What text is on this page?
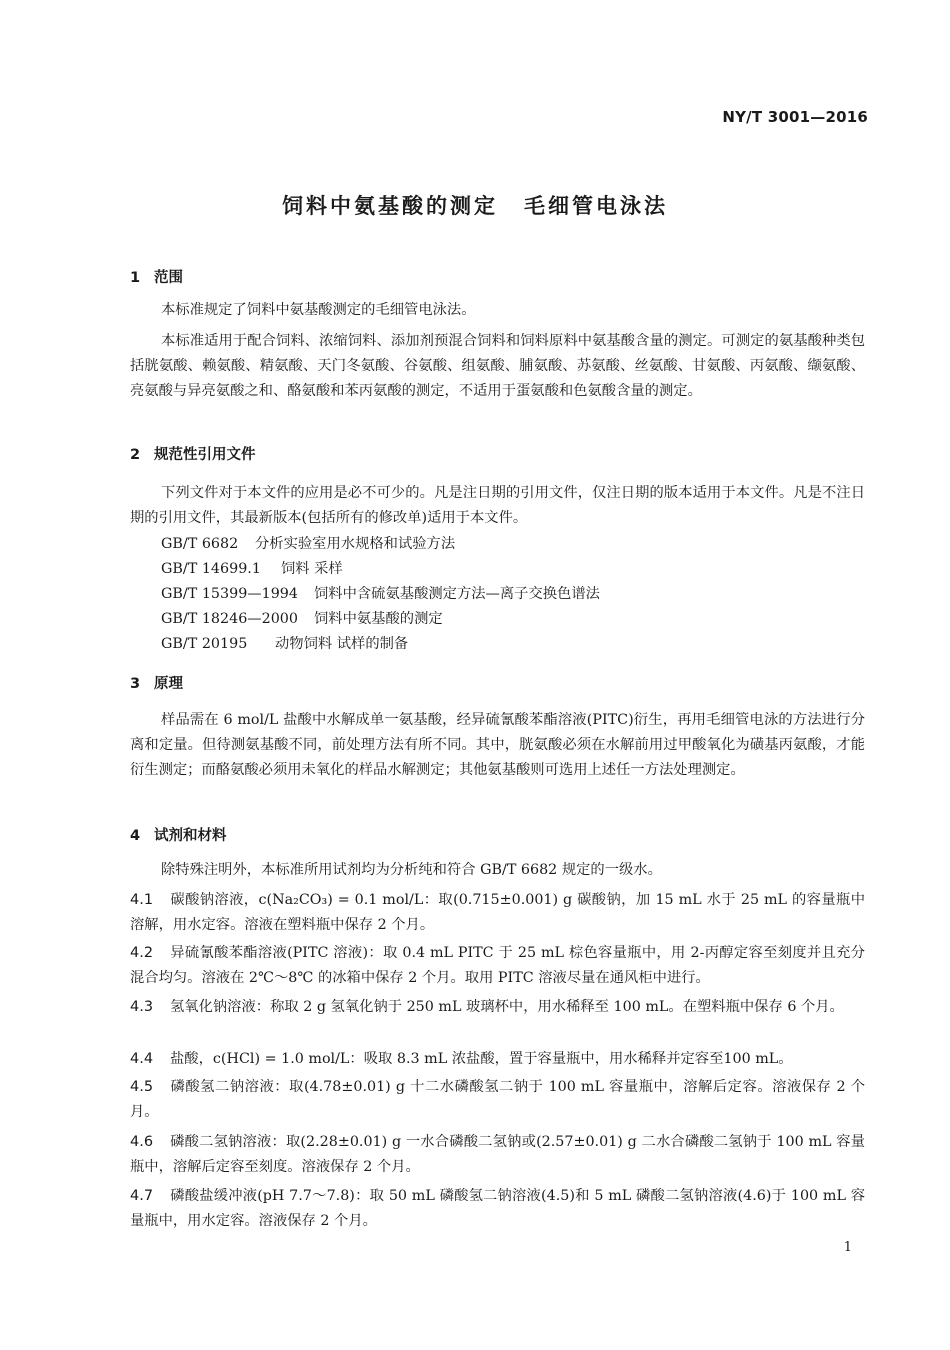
NY/T 3001—2016
饲料中氨基酸的测定 毛细管电泳法
1 范围

本标准规定了饲料中氨基酸测定的毛细管电泳法。

本标准适用于配合饲料、浓缩饲料、添加剂预混合饲料和饲料原料中氨基酸含量的测定。可测定的氨基酸种类包括胱氨酸、赖氨酸、精氨酸、天门冬氨酸、谷氨酸、组氨酸、脯氨酸、苏氨酸、丝氨酸、甘氨酸、丙氨酸、缬氨酸、亮氨酸与异亮氨酸之和、酪氨酸和苯丙氨酸的测定，不适用于蛋氨酸和色氨酸含量的测定。

2 规范性引用文件

下列文件对于本文件的应用是必不可少的。凡是注日期的引用文件，仅注日期的版本适用于本文件。凡是不注日期的引用文件，其最新版本(包括所有的修改单)适用于本文件。

GB/T 6682 分析实验室用水规格和试验方法
GB/T 14699.1 饲料 采样
GB/T 15399—1994 饲料中含硫氨基酸测定方法—离子交换色谱法
GB/T 18246—2000 饲料中氨基酸的测定
GB/T 20195 动物饲料 试样的制备
3 原理

样品需在 6 mol/L 盐酸中水解成单一氨基酸，经异硫氰酸苯酯溶液(PITC)衍生，再用毛细管电泳的方法进行分离和定量。但待测氨基酸不同，前处理方法有所不同。其中，胱氨酸必须在水解前用过甲酸氧化为磺基丙氨酸，才能衍生测定；而酪氨酸必须用未氧化的样品水解测定；其他氨基酸则可选用上述任一方法处理测定。

4 试剂和材料

除特殊注明外，本标准所用试剂均为分析纯和符合 GB/T 6682 规定的一级水。

4.1 碳酸钠溶液，c(Na₂CO₃) = 0.1 mol/L：取(0.715±0.001) g 碳酸钠，加 15 mL 水于 25 mL 的容量瓶中溶解，用水定容。溶液在塑料瓶中保存 2 个月。

4.2 异硫氰酸苯酯溶液(PITC 溶液)：取 0.4 mL PITC 于 25 mL 棕色容量瓶中，用 2-丙醇定容至刻度并且充分混合均匀。溶液在 2℃～8℃ 的冰箱中保存 2 个月。取用 PITC 溶液尽量在通风柜中进行。

4.3 氢氧化钠溶液：称取 2 g 氢氧化钠于 250 mL 玻璃杯中，用水稀释至 100 mL。在塑料瓶中保存 6 个月。

4.4 盐酸，c(HCl) = 1.0 mol/L：吸取 8.3 mL 浓盐酸，置于容量瓶中，用水稀释并定容至100 mL。

4.5 磷酸氢二钠溶液：取(4.78±0.01) g 十二水磷酸氢二钠于 100 mL 容量瓶中，溶解后定容。溶液保存 2 个月。

4.6 磷酸二氢钠溶液：取(2.28±0.01) g 一水合磷酸二氢钠或(2.57±0.01) g 二水合磷酸二氢钠于 100 mL 容量瓶中，溶解后定容至刻度。溶液保存 2 个月。

4.7 磷酸盐缓冲液(pH 7.7～7.8)：取 50 mL 磷酸氢二钠溶液(4.5)和 5 mL 磷酸二氢钠溶液(4.6)于 100 mL 容量瓶中，用水定容。溶液保存 2 个月。

1
